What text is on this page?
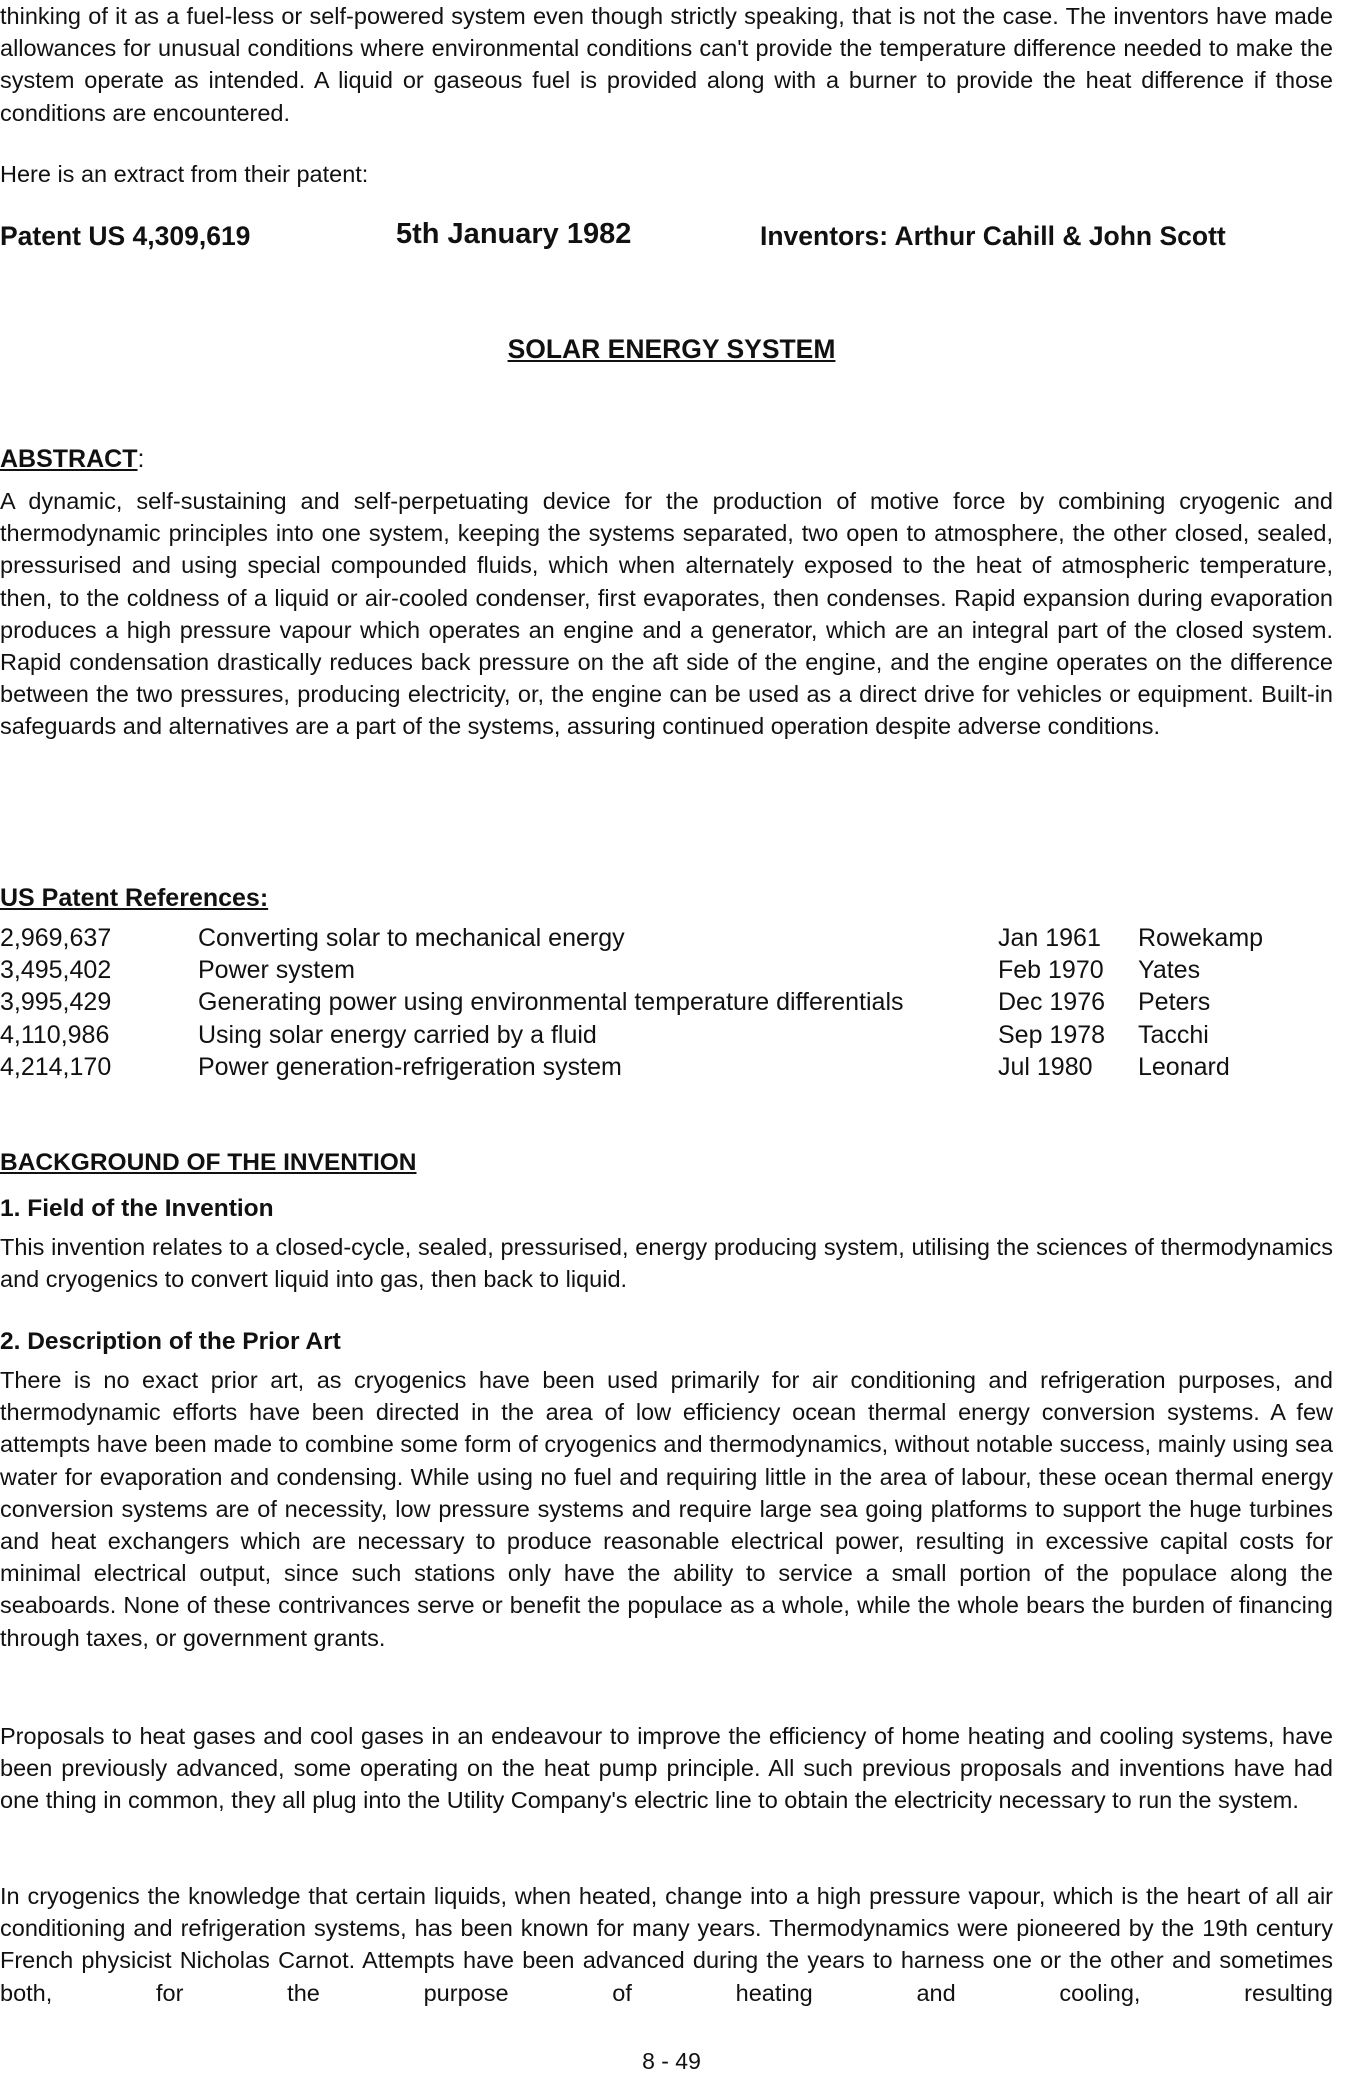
thinking of it as a fuel-less or self-powered system even though strictly speaking, that is not the case. The inventors have made allowances for unusual conditions where environmental conditions can't provide the temperature difference needed to make the system operate as intended. A liquid or gaseous fuel is provided along with a burner to provide the heat difference if those conditions are encountered.

Here is an extract from their patent:

Patent US 4,309,619	5th January 1982	Inventors: Arthur Cahill & John Scott
SOLAR ENERGY SYSTEM
ABSTRACT:

A dynamic, self-sustaining and self-perpetuating device for the production of motive force by combining cryogenic and thermodynamic principles into one system, keeping the systems separated, two open to atmosphere, the other closed, sealed, pressurised and using special compounded fluids, which when alternately exposed to the heat of atmospheric temperature, then, to the coldness of a liquid or air-cooled condenser, first evaporates, then condenses. Rapid expansion during evaporation produces a high pressure vapour which operates an engine and a generator, which are an integral part of the closed system. Rapid condensation drastically reduces back pressure on the aft side of the engine, and the engine operates on the difference between the two pressures, producing electricity, or, the engine can be used as a direct drive for vehicles or equipment. Built-in safeguards and alternatives are a part of the systems, assuring continued operation despite adverse conditions.

US Patent References:
2,969,637	Converting solar to mechanical energy	Jan 1961	Rowekamp
3,495,402	Power system	Feb 1970	Yates
3,995,429	Generating power using environmental temperature differentials	Dec 1976	Peters
4,110,986	Using solar energy carried by a fluid	Sep 1978	Tacchi
4,214,170	Power generation-refrigeration system	Jul 1980	Leonard
BACKGROUND OF THE INVENTION
1. Field of the Invention

This invention relates to a closed-cycle, sealed, pressurised, energy producing system, utilising the sciences of thermodynamics and cryogenics to convert liquid into gas, then back to liquid.

2. Description of the Prior Art

There is no exact prior art, as cryogenics have been used primarily for air conditioning and refrigeration purposes, and thermodynamic efforts have been directed in the area of low efficiency ocean thermal energy conversion systems. A few attempts have been made to combine some form of cryogenics and thermodynamics, without notable success, mainly using sea water for evaporation and condensing. While using no fuel and requiring little in the area of labour, these ocean thermal energy conversion systems are of necessity, low pressure systems and require large sea going platforms to support the huge turbines and heat exchangers which are necessary to produce reasonable electrical power, resulting in excessive capital costs for minimal electrical output, since such stations only have the ability to service a small portion of the populace along the seaboards. None of these contrivances serve or benefit the populace as a whole, while the whole bears the burden of financing through taxes, or government grants.

Proposals to heat gases and cool gases in an endeavour to improve the efficiency of home heating and cooling systems, have been previously advanced, some operating on the heat pump principle. All such previous proposals and inventions have had one thing in common, they all plug into the Utility Company's electric line to obtain the electricity necessary to run the system.

In cryogenics the knowledge that certain liquids, when heated, change into a high pressure vapour, which is the heart of all air conditioning and refrigeration systems, has been known for many years. Thermodynamics were pioneered by the 19th century French physicist Nicholas Carnot. Attempts have been advanced during the years to harness one or the other and sometimes both, for the purpose of heating and cooling, resulting

8 - 49
